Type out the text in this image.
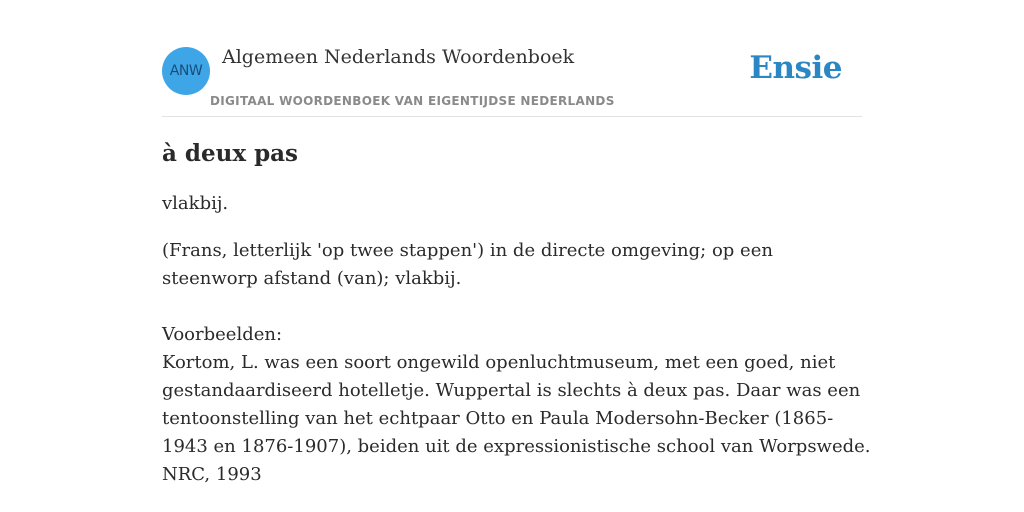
ANW
Algemeen Nederlands Woordenboek
DIGITAAL WOORDENBOEK VAN EIGENTIJDSE NEDERLANDS
Ensie
à deux pas

vlakbij.

(Frans, letterlijk 'op twee stappen') in de directe omgeving; op een steenworp afstand (van); vlakbij.

Voorbeelden:

Kortom, L. was een soort ongewild openluchtmuseum, met een goed, niet gestandaardiseerd hotelletje. Wuppertal is slechts à deux pas. Daar was een tentoonstelling van het echtpaar Otto en Paula Modersohn-Becker (1865-1943 en 1876-1907), beiden uit de expressionistische school van Worpswede.

NRC, 1993
